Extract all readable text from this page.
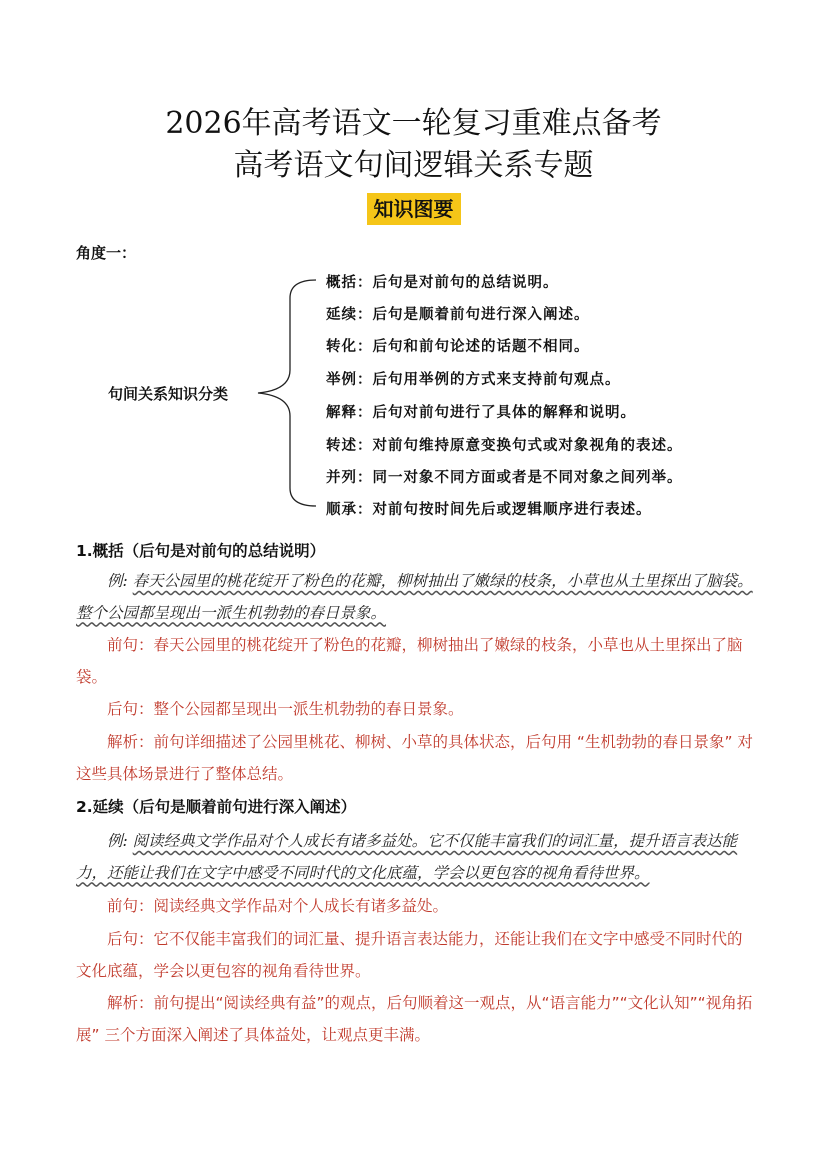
2026年高考语文一轮复习重难点备考
高考语文句间逻辑关系专题
知识图要
角度一：
句间关系知识分类
概括：后句是对前句的总结说明。
延续：后句是顺着前句进行深入阐述。
转化：后句和前句论述的话题不相同。
举例：后句用举例的方式来支持前句观点。
解释：后句对前句进行了具体的解释和说明。
转述：对前句维持原意变换句式或对象视角的表述。
并列：同一对象不同方面或者是不同对象之间列举。
顺承：对前句按时间先后或逻辑顺序进行表述。
1.概括（后句是对前句的总结说明）
例: 春天公园里的桃花绽开了粉色的花瓣，柳树抽出了嫩绿的枝条，小草也从土里探出了脑袋。整个公园都呈现出一派生机勃勃的春日景象。
前句：春天公园里的桃花绽开了粉色的花瓣，柳树抽出了嫩绿的枝条，小草也从土里探出了脑袋。
后句：整个公园都呈现出一派生机勃勃的春日景象。
解析：前句详细描述了公园里桃花、柳树、小草的具体状态，后句用 “生机勃勃的春日景象” 对这些具体场景进行了整体总结。
2.延续（后句是顺着前句进行深入阐述）
例: 阅读经典文学作品对个人成长有诸多益处。它不仅能丰富我们的词汇量，提升语言表达能力，还能让我们在文字中感受不同时代的文化底蕴，学会以更包容的视角看待世界。
前句：阅读经典文学作品对个人成长有诸多益处。
后句：它不仅能丰富我们的词汇量、提升语言表达能力，还能让我们在文字中感受不同时代的文化底蕴，学会以更包容的视角看待世界。
解析：前句提出“阅读经典有益”的观点，后句顺着这一观点，从“语言能力”“文化认知”“视角拓展” 三个方面深入阐述了具体益处，让观点更丰满。
